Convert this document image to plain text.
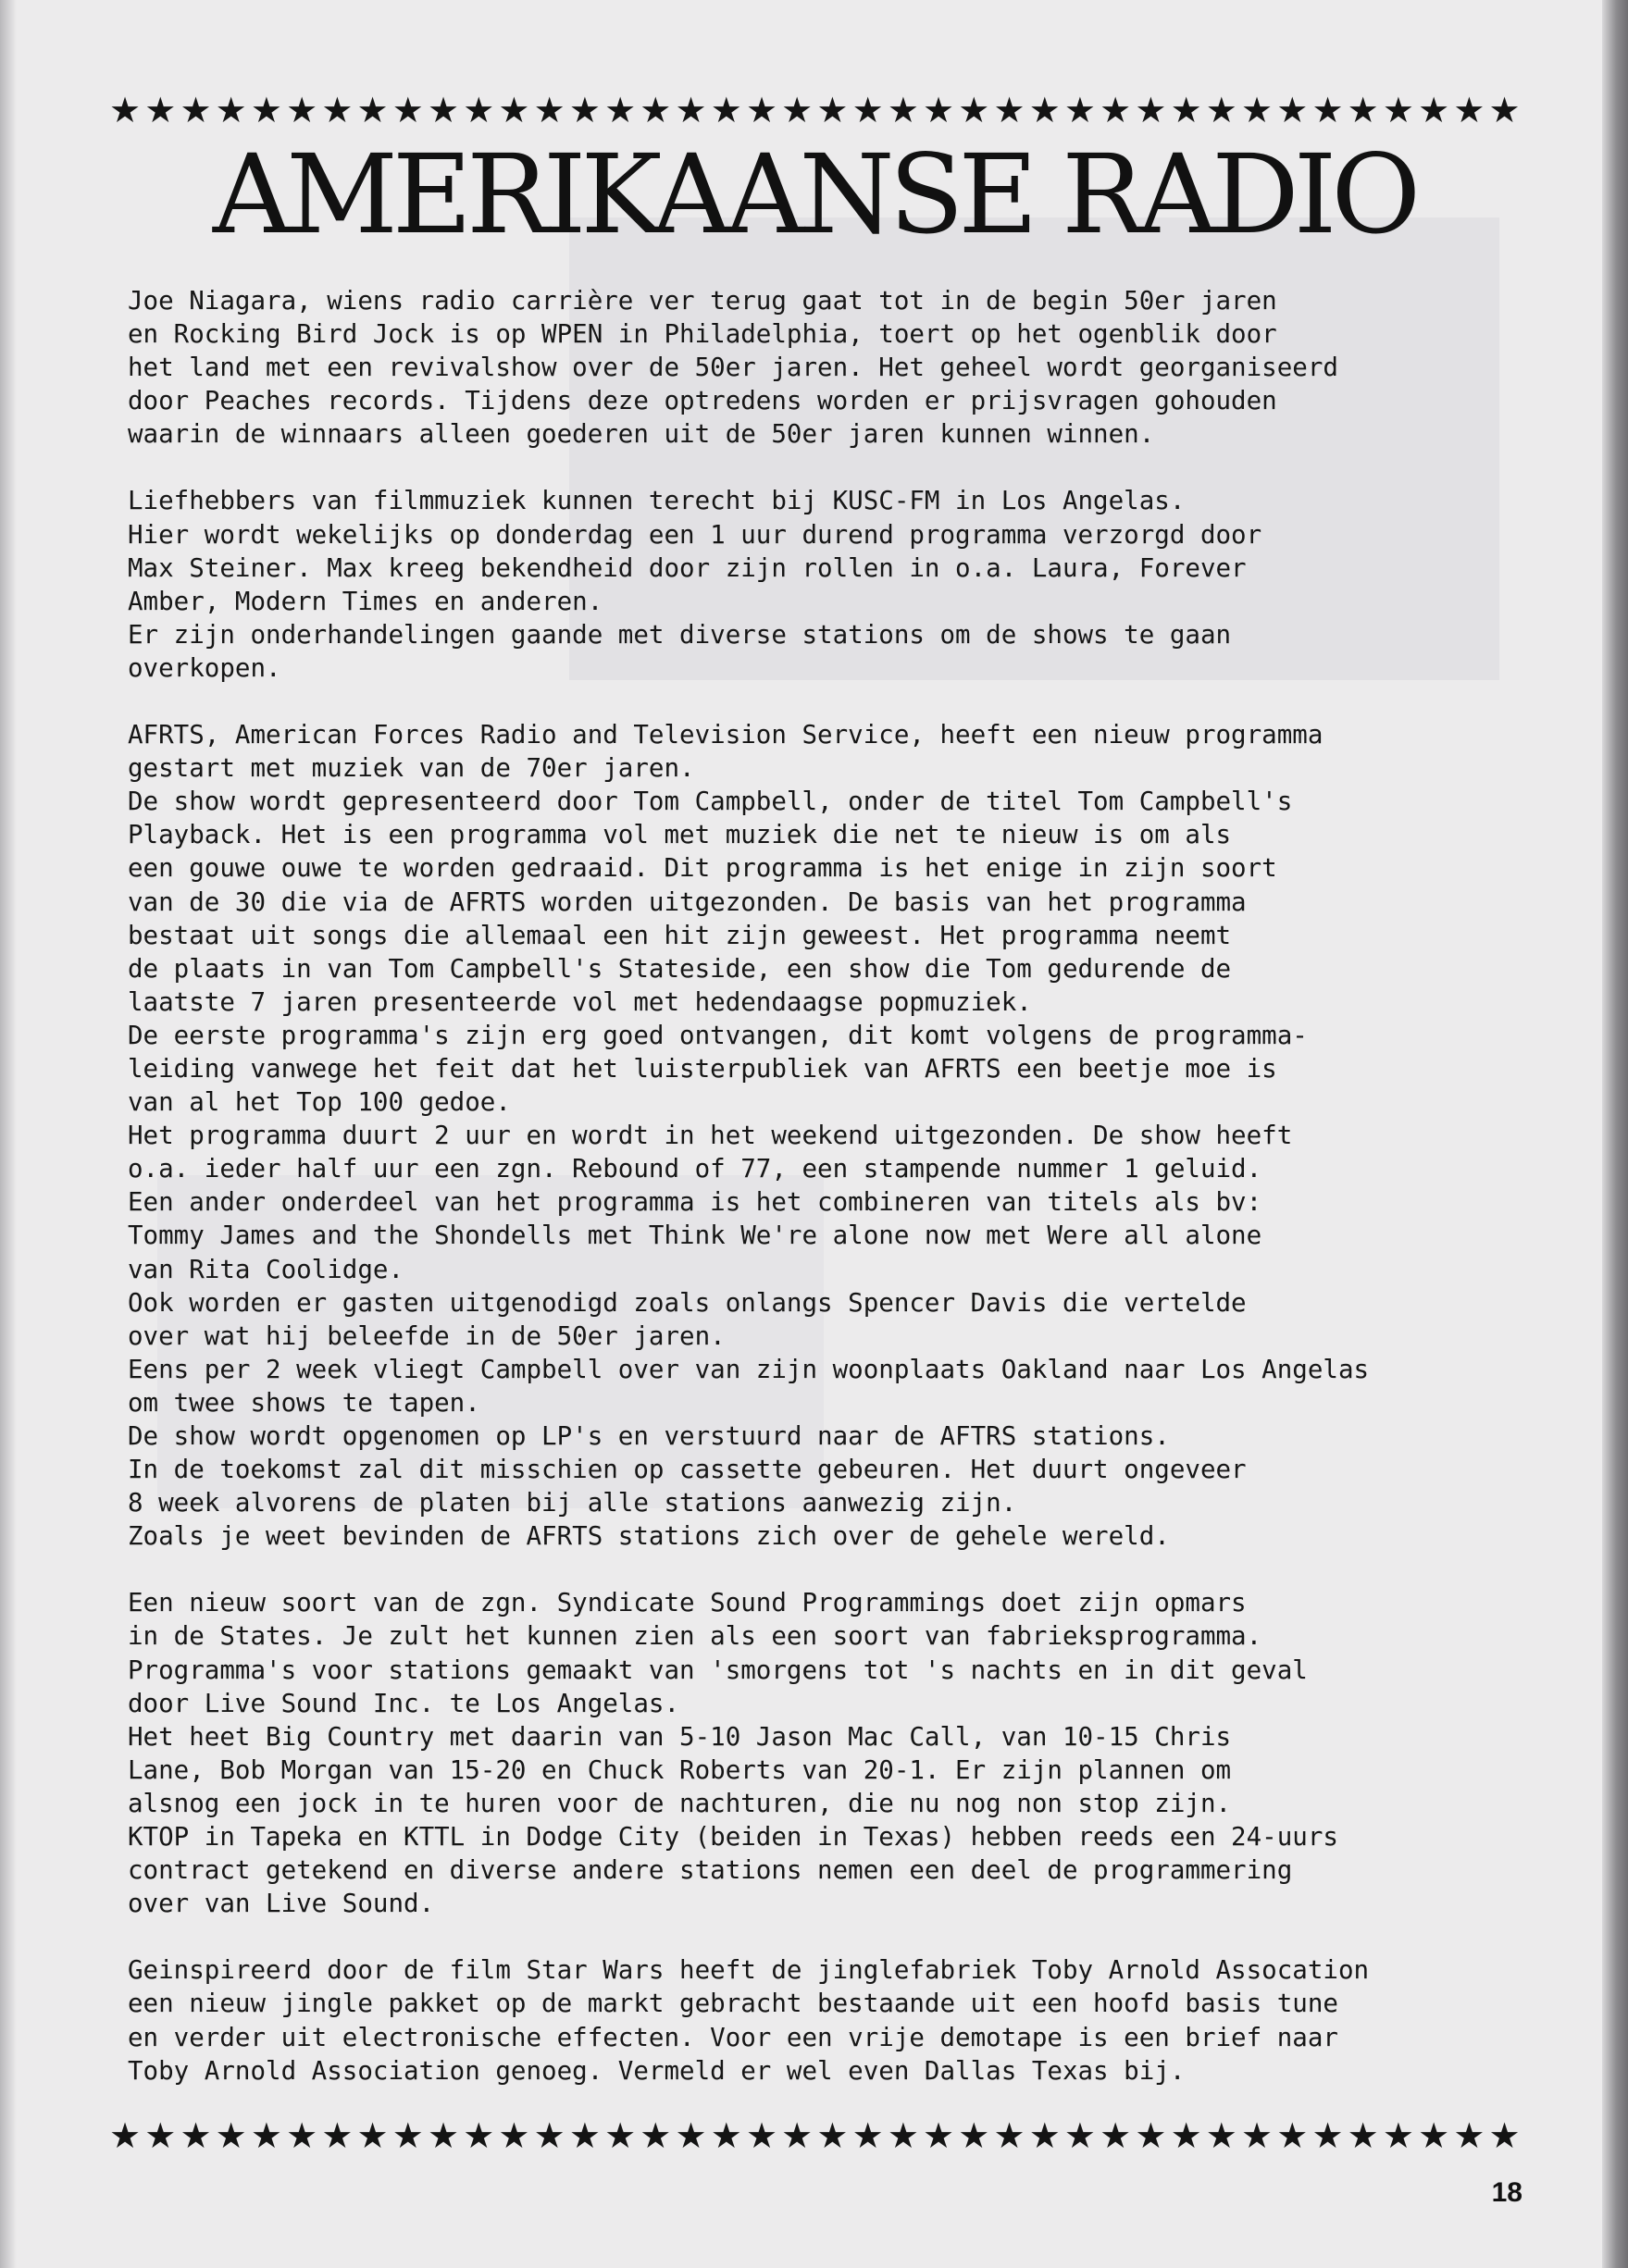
★ ★ ★ ★ ★ ★ ★ ★ ★ ★ ★ ★ ★ ★ ★ ★ ★ ★ ★ ★ ★ ★ ★ ★ ★ ★ ★ ★ ★ ★ ★ ★ ★ ★ ★ ★ ★ ★ ★ ★
AMERIKAANSE RADIO
Joe Niagara, wiens radio carrière ver terug gaat tot in de begin 50er jaren
en Rocking Bird Jock is op WPEN in Philadelphia, toert op het ogenblik door
het land met een revivalshow over de 50er jaren. Het geheel wordt georganiseerd
door Peaches records. Tijdens deze optredens worden er prijsvragen gohouden
waarin de winnaars alleen goederen uit de 50er jaren kunnen winnen.
Liefhebbers van filmmuziek kunnen terecht bij KUSC-FM in Los Angelas.
Hier wordt wekelijks op donderdag een 1 uur durend programma verzorgd door
Max Steiner. Max kreeg bekendheid door zijn rollen in o.a. Laura, Forever
Amber, Modern Times en anderen.
Er zijn onderhandelingen gaande met diverse stations om de shows te gaan
overkopen.
AFRTS, American Forces Radio and Television Service, heeft een nieuw programma
gestart met muziek van de 70er jaren.
De show wordt gepresenteerd door Tom Campbell, onder de titel Tom Campbell's
Playback. Het is een programma vol met muziek die net te nieuw is om als
een gouwe ouwe te worden gedraaid. Dit programma is het enige in zijn soort
van de 30 die via de AFRTS worden uitgezonden. De basis van het programma
bestaat uit songs die allemaal een hit zijn geweest. Het programma neemt
de plaats in van Tom Campbell's Stateside, een show die Tom gedurende de
laatste 7 jaren presenteerde vol met hedendaagse popmuziek.
De eerste programma's zijn erg goed ontvangen, dit komt volgens de programma-
leiding vanwege het feit dat het luisterpubliek van AFRTS een beetje moe is
van al het Top 100 gedoe.
Het programma duurt 2 uur en wordt in het weekend uitgezonden. De show heeft
o.a. ieder half uur een zgn. Rebound of 77, een stampende nummer 1 geluid.
Een ander onderdeel van het programma is het combineren van titels als bv:
Tommy James and the Shondells met Think We're alone now met Were all alone
van Rita Coolidge.
Ook worden er gasten uitgenodigd zoals onlangs Spencer Davis die vertelde
over wat hij beleefde in de 50er jaren.
Eens per 2 week vliegt Campbell over van zijn woonplaats Oakland naar Los Angelas
om twee shows te tapen.
De show wordt opgenomen op LP's en verstuurd naar de AFTRS stations.
In de toekomst zal dit misschien op cassette gebeuren. Het duurt ongeveer
8 week alvorens de platen bij alle stations aanwezig zijn.
Zoals je weet bevinden de AFRTS stations zich over de gehele wereld.
Een nieuw soort van de zgn. Syndicate Sound Programmings doet zijn opmars
in de States. Je zult het kunnen zien als een soort van fabrieksprogramma.
Programma's voor stations gemaakt van 'smorgens tot 's nachts en in dit geval
door Live Sound Inc. te Los Angelas.
Het heet Big Country met daarin van 5-10 Jason Mac Call, van 10-15 Chris
Lane, Bob Morgan van 15-20 en Chuck Roberts van 20-1. Er zijn plannen om
alsnog een jock in te huren voor de nachturen, die nu nog non stop zijn.
KTOP in Tapeka en KTTL in Dodge City (beiden in Texas) hebben reeds een 24-uurs
contract getekend en diverse andere stations nemen een deel de programmering
over van Live Sound.
Geinspireerd door de film Star Wars heeft de jinglefabriek Toby Arnold Assocation
een nieuw jingle pakket op de markt gebracht bestaande uit een hoofd basis tune
en verder uit electronische effecten. Voor een vrije demotape is een brief naar
Toby Arnold Association genoeg. Vermeld er wel even Dallas Texas bij.
★ ★ ★ ★ ★ ★ ★ ★ ★ ★ ★ ★ ★ ★ ★ ★ ★ ★ ★ ★ ★ ★ ★ ★ ★ ★ ★ ★ ★ ★ ★ ★ ★ ★ ★ ★ ★ ★ ★ ★
18
